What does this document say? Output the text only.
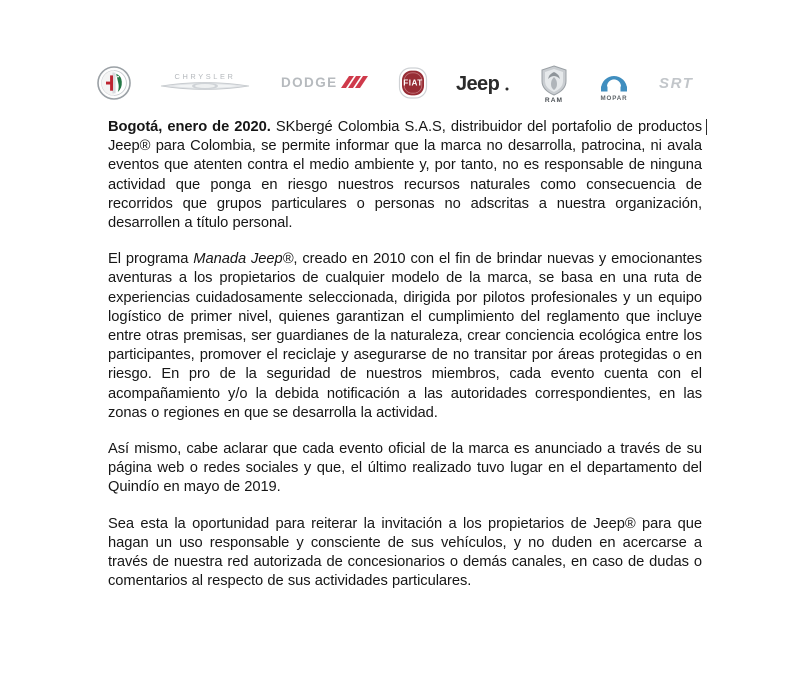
CHRYSLER	DODGE	FIAT Jeep
RAM	MOPAR
SRT

Bogotá, enero de 2020. SKbergé Colombia S.A.S, distribuidor del portafolio de productos Jeep® para Colombia, se permite informar que la marca no desarrolla, patrocina, ni avala eventos que atenten contra el medio ambiente y, por tanto, no es responsable de ninguna actividad que ponga en riesgo nuestros recursos naturales como consecuencia de recorridos que grupos particulares o personas no adscritas a nuestra organización, desarrollen a título personal.

El programa Manada Jeep®, creado en 2010 con el fin de brindar nuevas y emocionantes aventuras a los propietarios de cualquier modelo de la marca, se basa en una ruta de experiencias cuidadosamente seleccionada, dirigida por pilotos profesionales y un equipo logístico de primer nivel, quienes garantizan el cumplimiento del reglamento que incluye entre otras premisas, ser guardianes de la naturaleza, crear conciencia ecológica entre los participantes, promover el reciclaje y asegurarse de no transitar por áreas protegidas o en riesgo. En pro de la seguridad de nuestros miembros, cada evento cuenta con el acompañamiento y/o la debida notificación a las autoridades correspondientes, en las zonas o regiones en que se desarrolla la actividad.

Así mismo, cabe aclarar que cada evento oficial de la marca es anunciado a través de su página web o redes sociales y que, el último realizado tuvo lugar en el departamento del Quindío en mayo de 2019.

Sea esta la oportunidad para reiterar la invitación a los propietarios de Jeep® para que hagan un uso responsable y consciente de sus vehículos, y no duden en acercarse a través de nuestra red autorizada de concesionarios o demás canales, en caso de dudas o comentarios al respecto de sus actividades particulares.
